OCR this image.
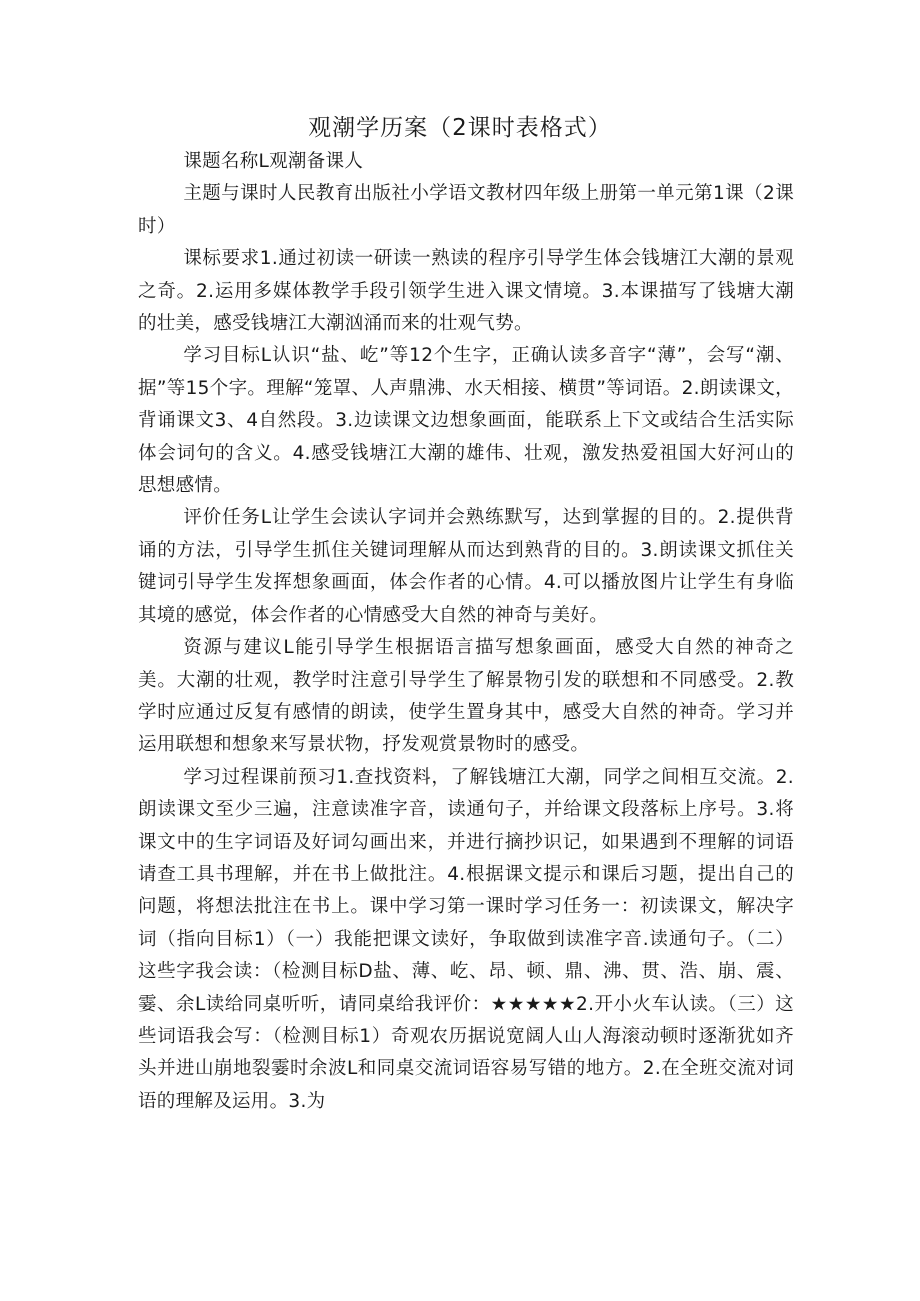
观潮学历案（2课时表格式）

课题名称L观潮备课人

主题与课时人民教育出版社小学语文教材四年级上册第一单元第1课（2课时）

课标要求1.通过初读一研读一熟读的程序引导学生体会钱塘江大潮的景观之奇。2.运用多媒体教学手段引领学生进入课文情境。3.本课描写了钱塘大潮的壮美，感受钱塘江大潮汹涌而来的壮观气势。

学习目标L认识“盐、屹”等12个生字，正确认读多音字“薄”，会写“潮、据”等15个字。理解“笼罩、人声鼎沸、水天相接、横贯”等词语。2.朗读课文，背诵课文3、4自然段。3.边读课文边想象画面，能联系上下文或结合生活实际体会词句的含义。4.感受钱塘江大潮的雄伟、壮观，激发热爱祖国大好河山的思想感情。

评价任务L让学生会读认字词并会熟练默写，达到掌握的目的。2.提供背诵的方法，引导学生抓住关键词理解从而达到熟背的目的。3.朗读课文抓住关键词引导学生发挥想象画面，体会作者的心情。4.可以播放图片让学生有身临其境的感觉，体会作者的心情感受大自然的神奇与美好。

资源与建议L能引导学生根据语言描写想象画面，感受大自然的神奇之美。大潮的壮观，教学时注意引导学生了解景物引发的联想和不同感受。2.教学时应通过反复有感情的朗读，使学生置身其中，感受大自然的神奇。学习并运用联想和想象来写景状物，抒发观赏景物时的感受。

学习过程课前预习1.查找资料，了解钱塘江大潮，同学之间相互交流。2.朗读课文至少三遍，注意读准字音，读通句子，并给课文段落标上序号。3.将课文中的生字词语及好词勾画出来，并进行摘抄识记，如果遇到不理解的词语请查工具书理解，并在书上做批注。4.根据课文提示和课后习题，提出自己的问题，将想法批注在书上。课中学习第一课时学习任务一：初读课文，解决字词（指向目标1）（一）我能把课文读好，争取做到读准字音.读通句子。（二）这些字我会读：（检测目标D盐、薄、屹、昂、顿、鼎、沸、贯、浩、崩、震、霎、余L读给同桌听听，请同桌给我评价：★★★★★2.开小火车认读。（三）这些词语我会写：（检测目标1）奇观农历据说宽阔人山人海滚动顿时逐渐犹如齐头并进山崩地裂霎时余波L和同桌交流词语容易写错的地方。2.在全班交流对词语的理解及运用。3.为
